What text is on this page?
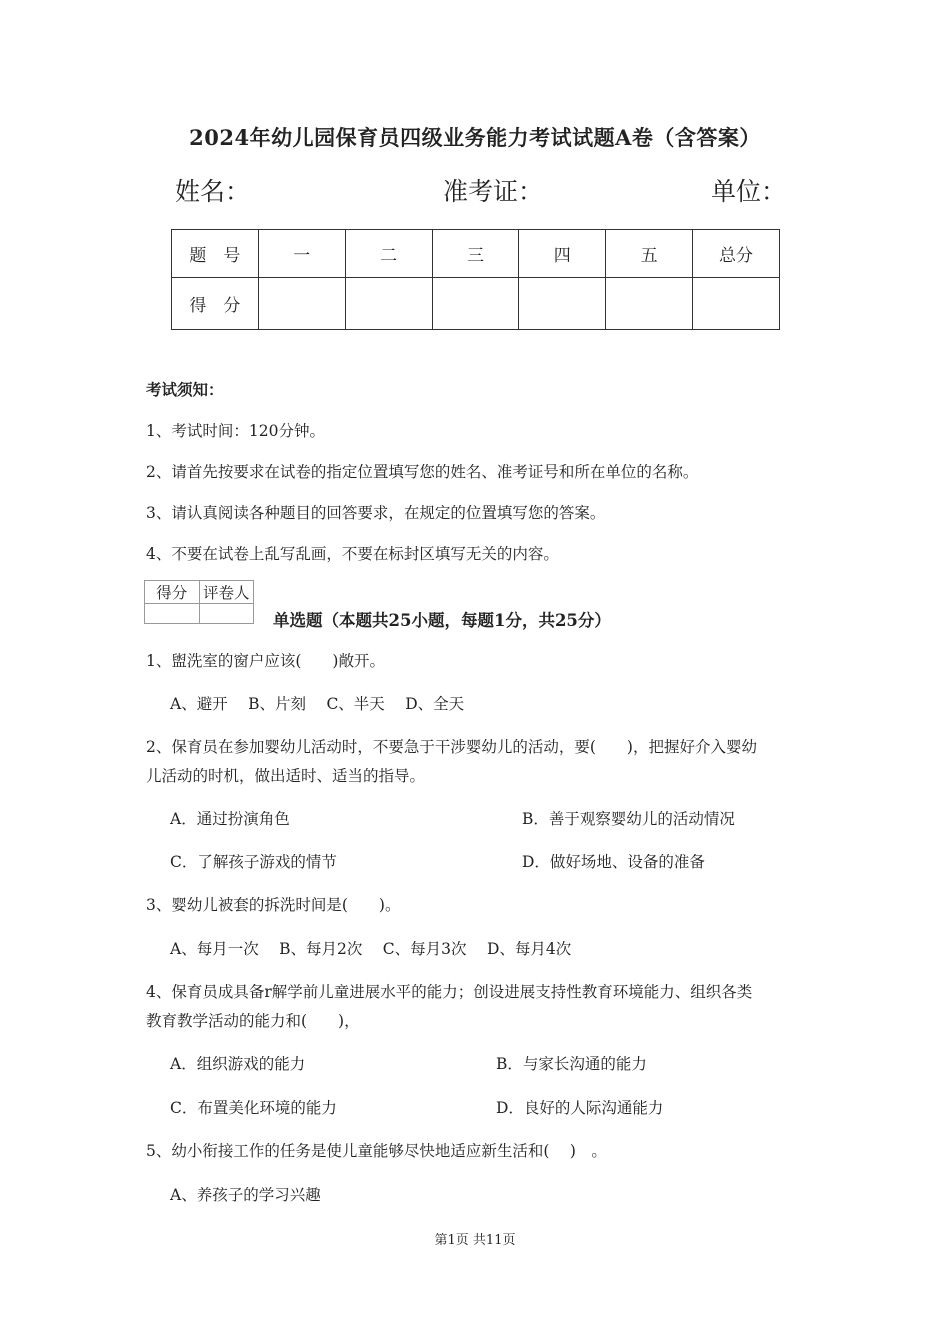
2024年幼儿园保育员四级业务能力考试试题A卷（含答案）
姓名：	准考证：	单位：
题　号	一	二	三	四	五	总分
得　分						
考试须知：
1、考试时间：120分钟。
2、请首先按要求在试卷的指定位置填写您的姓名、准考证号和所在单位的名称。
3、请认真阅读各种题目的回答要求，在规定的位置填写您的答案。
4、不要在试卷上乱写乱画，不要在标封区填写无关的内容。
得分	评卷人

单选题（本题共25小题，每题1分，共25分）
1、盥洗室的窗户应该(　　)敞开。
A、避开　 B、片刻　 C、半天　 D、全天
2、保育员在参加婴幼儿活动时，不要急于干涉婴幼儿的活动，要(　　)，把握好介入婴幼
儿活动的时机，做出适时、适当的指导。
A．通过扮演角色	B．善于观察婴幼儿的活动情况
C．了解孩子游戏的情节	D．做好场地、设备的准备
3、婴幼儿被套的拆洗时间是(　　)。
A、每月一次　 B、每月2次　 C、每月3次　 D、每月4次
4、保育员成具备r解学前儿童进展水平的能力；创设进展支持性教育环境能力、组织各类
教育教学活动的能力和(　　)，
A．组织游戏的能力	B．与家长沟通的能力
C．布置美化环境的能力	D．良好的人际沟通能力
5、幼小衔接工作的任务是使儿童能够尽快地适应新生活和(　 )　。
A、养孩子的学习兴趣
第1页 共11页
